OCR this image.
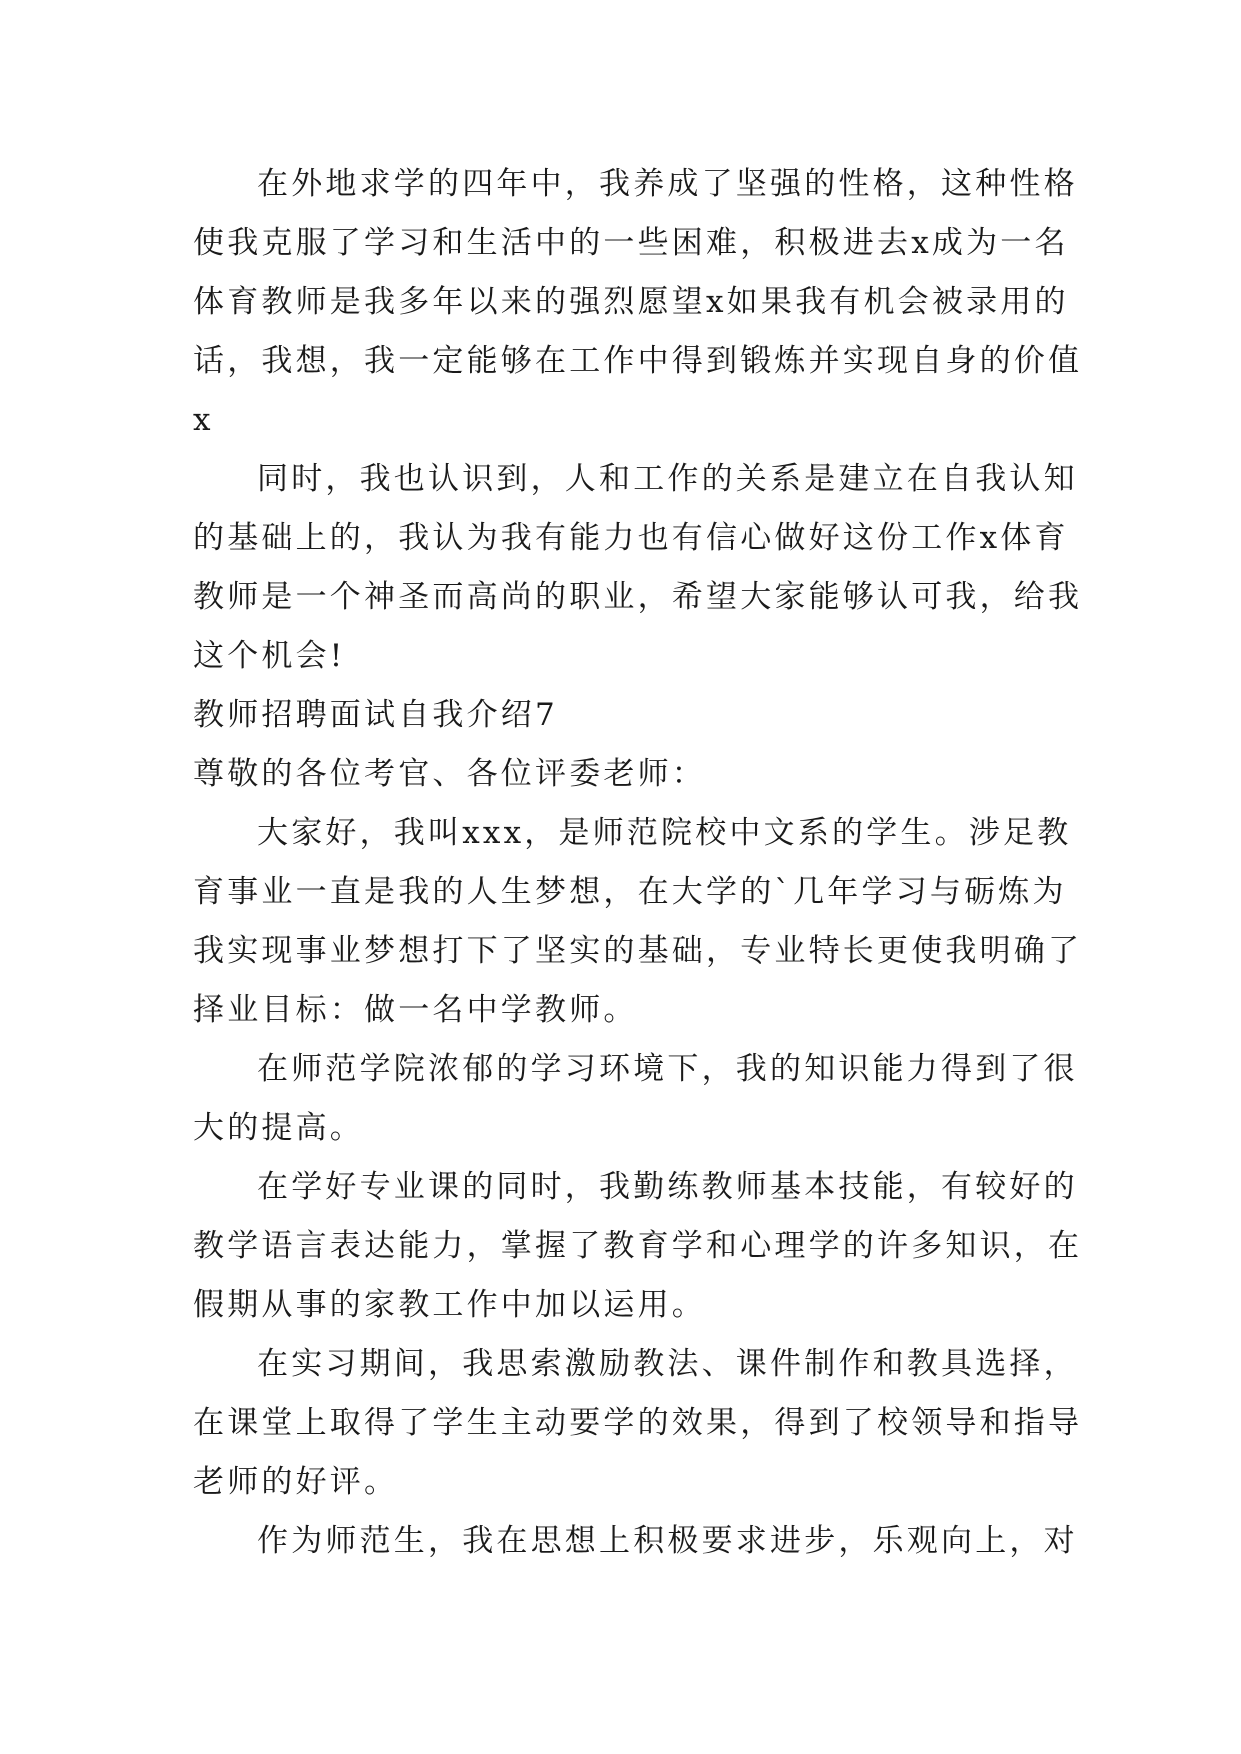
在外地求学的四年中，我养成了坚强的性格，这种性格
使我克服了学习和生活中的一些困难，积极进去x成为一名
体育教师是我多年以来的强烈愿望x如果我有机会被录用的
话，我想，我一定能够在工作中得到锻炼并实现自身的价值
x
同时，我也认识到，人和工作的关系是建立在自我认知
的基础上的，我认为我有能力也有信心做好这份工作x体育
教师是一个神圣而高尚的职业，希望大家能够认可我，给我
这个机会!
教师招聘面试自我介绍7
尊敬的各位考官、各位评委老师：
大家好，我叫xxx，是师范院校中文系的学生。涉足教
育事业一直是我的人生梦想，在大学的`几年学习与砺炼为
我实现事业梦想打下了坚实的基础，专业特长更使我明确了
择业目标：做一名中学教师。
在师范学院浓郁的学习环境下，我的知识能力得到了很
大的提高。
在学好专业课的同时，我勤练教师基本技能，有较好的
教学语言表达能力，掌握了教育学和心理学的许多知识，在
假期从事的家教工作中加以运用。
在实习期间，我思索激励教法、课件制作和教具选择，
在课堂上取得了学生主动要学的效果，得到了校领导和指导
老师的好评。
作为师范生，我在思想上积极要求进步，乐观向上，对
